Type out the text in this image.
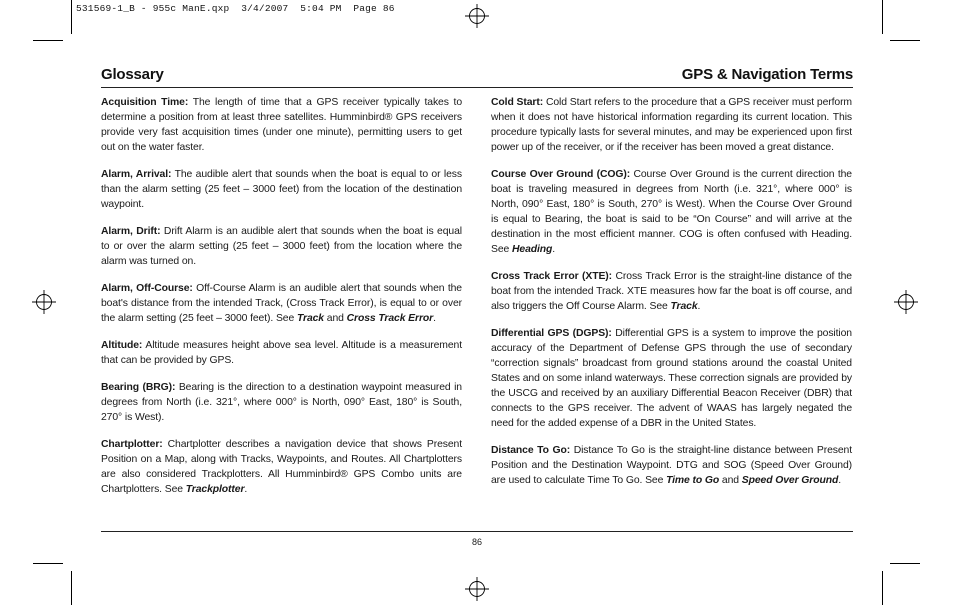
531569-1_B - 955c ManE.qxp  3/4/2007  5:04 PM  Page 86
Glossary	GPS & Navigation Terms

Acquisition Time: The length of time that a GPS receiver typically takes to determine a position from at least three satellites. Humminbird® GPS receivers provide very fast acquisition times (under one minute), permitting users to get out on the water faster.

Alarm, Arrival: The audible alert that sounds when the boat is equal to or less than the alarm setting (25 feet – 3000 feet) from the location of the destination waypoint.

Alarm, Drift: Drift Alarm is an audible alert that sounds when the boat is equal to or over the alarm setting (25 feet – 3000 feet) from the location where the alarm was turned on.

Alarm, Off-Course: Off-Course Alarm is an audible alert that sounds when the boat's distance from the intended Track, (Cross Track Error), is equal to or over the alarm setting (25 feet – 3000 feet). See Track and Cross Track Error.

Altitude: Altitude measures height above sea level. Altitude is a measurement that can be provided by GPS.

Bearing (BRG): Bearing is the direction to a destination waypoint measured in degrees from North (i.e. 321°, where 000° is North, 090° East, 180° is South, 270° is West).

Chartplotter: Chartplotter describes a navigation device that shows Present Position on a Map, along with Tracks, Waypoints, and Routes. All Chartplotters are also considered Trackplotters. All Humminbird® GPS Combo units are Chartplotters. See Trackplotter.

Cold Start: Cold Start refers to the procedure that a GPS receiver must perform when it does not have historical information regarding its current location. This procedure typically lasts for several minutes, and may be experienced upon first power up of the receiver, or if the receiver has been moved a great distance.

Course Over Ground (COG): Course Over Ground is the current direction the boat is traveling measured in degrees from North (i.e. 321°, where 000° is North, 090° East, 180° is South, 270° is West). When the Course Over Ground is equal to Bearing, the boat is said to be “On Course” and will arrive at the destination in the most efficient manner. COG is often confused with Heading. See Heading.

Cross Track Error (XTE): Cross Track Error is the straight-line distance of the boat from the intended Track. XTE measures how far the boat is off course, and also triggers the Off Course Alarm. See Track.

Differential GPS (DGPS): Differential GPS is a system to improve the position accuracy of the Department of Defense GPS through the use of secondary “correction signals” broadcast from ground stations around the coastal United States and on some inland waterways. These correction signals are provided by the USCG and received by an auxiliary Differential Beacon Receiver (DBR) that connects to the GPS receiver. The advent of WAAS has largely negated the need for the added expense of a DBR in the United States.

Distance To Go: Distance To Go is the straight-line distance between Present Position and the Destination Waypoint. DTG and SOG (Speed Over Ground) are used to calculate Time To Go. See Time to Go and Speed Over Ground.

86
